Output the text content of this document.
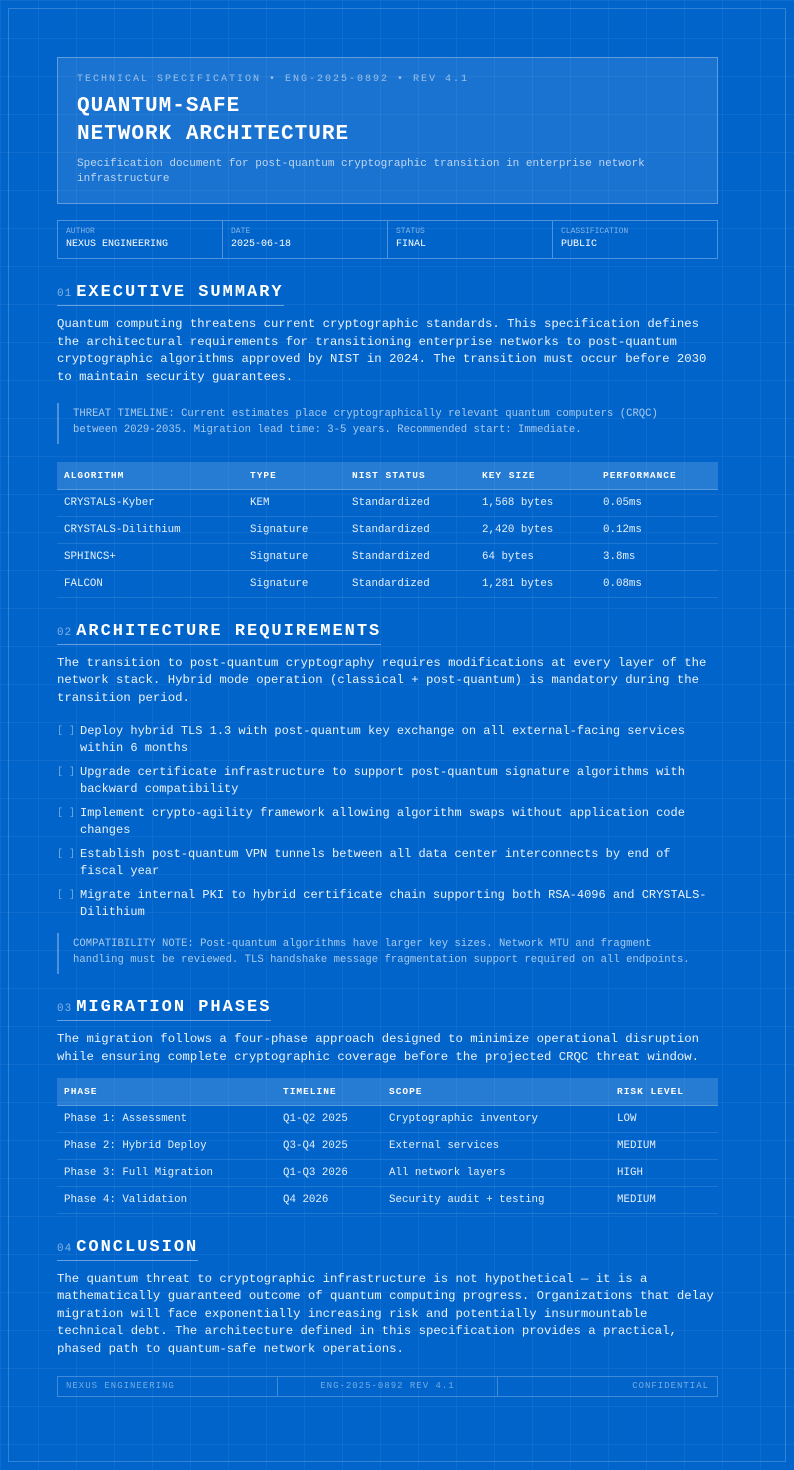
TECHNICAL SPECIFICATION • ENG-2025-0892 • REV 4.1
QUANTUM-SAFE
NETWORK ARCHITECTURE
Specification document for post-quantum cryptographic transition in enterprise network infrastructure
AUTHOR
NEXUS ENGINEERING
DATE
2025-06-18
STATUS
FINAL
CLASSIFICATION
PUBLIC
01 EXECUTIVE SUMMARY

Quantum computing threatens current cryptographic standards. This specification defines the architectural requirements for transitioning enterprise networks to post-quantum cryptographic algorithms approved by NIST in 2024. The transition must occur before 2030 to maintain security guarantees.

THREAT TIMELINE: Current estimates place cryptographically relevant quantum computers (CRQC) between 2029-2035. Migration lead time: 3-5 years. Recommended start: Immediate.
ALGORITHM	TYPE	NIST STATUS	KEY SIZE	PERFORMANCE
CRYSTALS-Kyber	KEM	Standardized	1,568 bytes	0.05ms
CRYSTALS-Dilithium	Signature	Standardized	2,420 bytes	0.12ms
SPHINCS+	Signature	Standardized	64 bytes	3.8ms
FALCON	Signature	Standardized	1,281 bytes	0.08ms
02 ARCHITECTURE REQUIREMENTS

The transition to post-quantum cryptography requires modifications at every layer of the network stack. Hybrid mode operation (classical + post-quantum) is mandatory during the transition period.

[ ] Deploy hybrid TLS 1.3 with post-quantum key exchange on all external-facing services within 6 months
[ ] Upgrade certificate infrastructure to support post-quantum signature algorithms with backward compatibility
[ ] Implement crypto-agility framework allowing algorithm swaps without application code changes
[ ] Establish post-quantum VPN tunnels between all data center interconnects by end of fiscal year
[ ] Migrate internal PKI to hybrid certificate chain supporting both RSA-4096 and CRYSTALS-Dilithium
COMPATIBILITY NOTE: Post-quantum algorithms have larger key sizes. Network MTU and fragment handling must be reviewed. TLS handshake message fragmentation support required on all endpoints.
03 MIGRATION PHASES

The migration follows a four-phase approach designed to minimize operational disruption while ensuring complete cryptographic coverage before the projected CRQC threat window.

PHASE	TIMELINE	SCOPE	RISK LEVEL
Phase 1: Assessment	Q1-Q2 2025	Cryptographic inventory	LOW
Phase 2: Hybrid Deploy	Q3-Q4 2025	External services	MEDIUM
Phase 3: Full Migration	Q1-Q3 2026	All network layers	HIGH
Phase 4: Validation	Q4 2026	Security audit + testing	MEDIUM
04 CONCLUSION

The quantum threat to cryptographic infrastructure is not hypothetical — it is a mathematically guaranteed outcome of quantum computing progress. Organizations that delay migration will face exponentially increasing risk and potentially insurmountable technical debt. The architecture defined in this specification provides a practical, phased path to quantum-safe network operations.

NEXUS ENGINEERING	ENG-2025-0892 REV 4.1	CONFIDENTIAL
